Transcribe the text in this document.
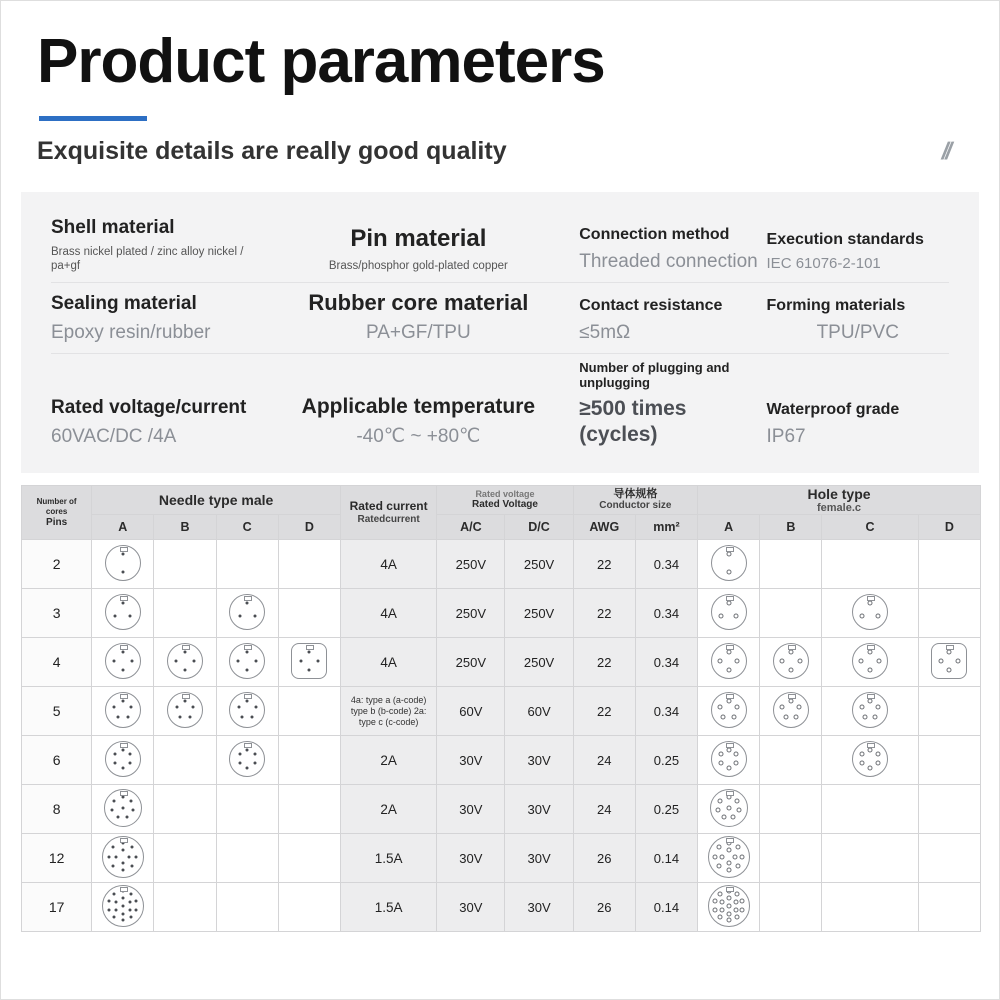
Product parameters
Exquisite details are really good quality	//
Shell material
Brass nickel plated / zinc alloy nickel / pa+gf
Pin material
Brass/phosphor gold-plated copper
Connection method
Threaded connection
Execution standards
IEC 61076-2-101
Sealing material
Epoxy resin/rubber
Rubber core material
PA+GF/TPU
Contact resistance
≤5mΩ
Forming materials
TPU/PVC
Rated voltage/current
60VAC/DC /4A
Applicable temperature
-40℃ ~ +80℃
Number of plugging and unplugging
≥500 times (cycles)
Waterproof grade
IP67
Number of
cores
Pins
	Needle type male	Rated current
Ratedcurrent

Rated voltage
Rated Voltage

导体规格
Conductor size

Hole type
female.c

	A	B	C	D		A/C	D/C	AWG	mm²	A	B	C	D
2					4A	250V	250V	22	0.34	

3					4A	250V	250V	22	0.34	

4					4A	250V	250V	22	0.34	

5					4a: type a (a-code) type b (b-code) 2a: type c (c-code)	60V	60V	22	0.34	

6					2A	30V	30V	24	0.25	

8					2A	30V	30V	24	0.25	

12					1.5A	30V	30V	26	0.14	

17					1.5A	30V	30V	26	0.14	
